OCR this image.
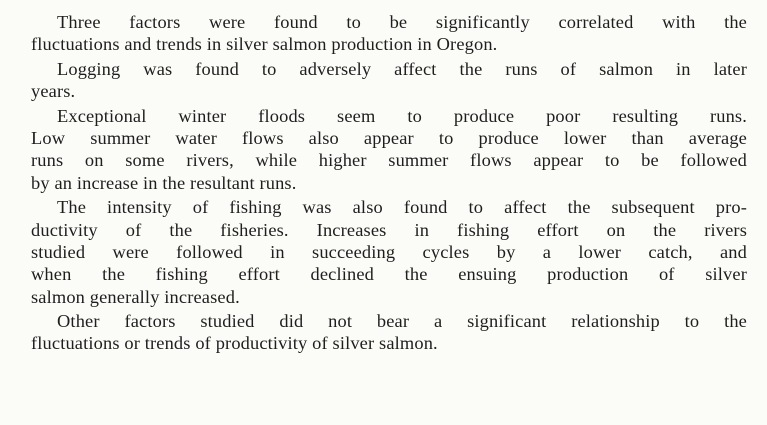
Three factors were found to be significantly correlated with the
fluctuations and trends in silver salmon production in Oregon.
Logging was found to adversely affect the runs of salmon in later
years.
Exceptional winter floods seem to produce poor resulting runs.
Low summer water flows also appear to produce lower than average
runs on some rivers, while higher summer flows appear to be followed
by an increase in the resultant runs.
The intensity of fishing was also found to affect the subsequent pro-
ductivity of the fisheries. Increases in fishing effort on the rivers
studied were followed in succeeding cycles by a lower catch, and
when the fishing effort declined the ensuing production of silver
salmon generally increased.
Other factors studied did not bear a significant relationship to the
fluctuations or trends of productivity of silver salmon.
